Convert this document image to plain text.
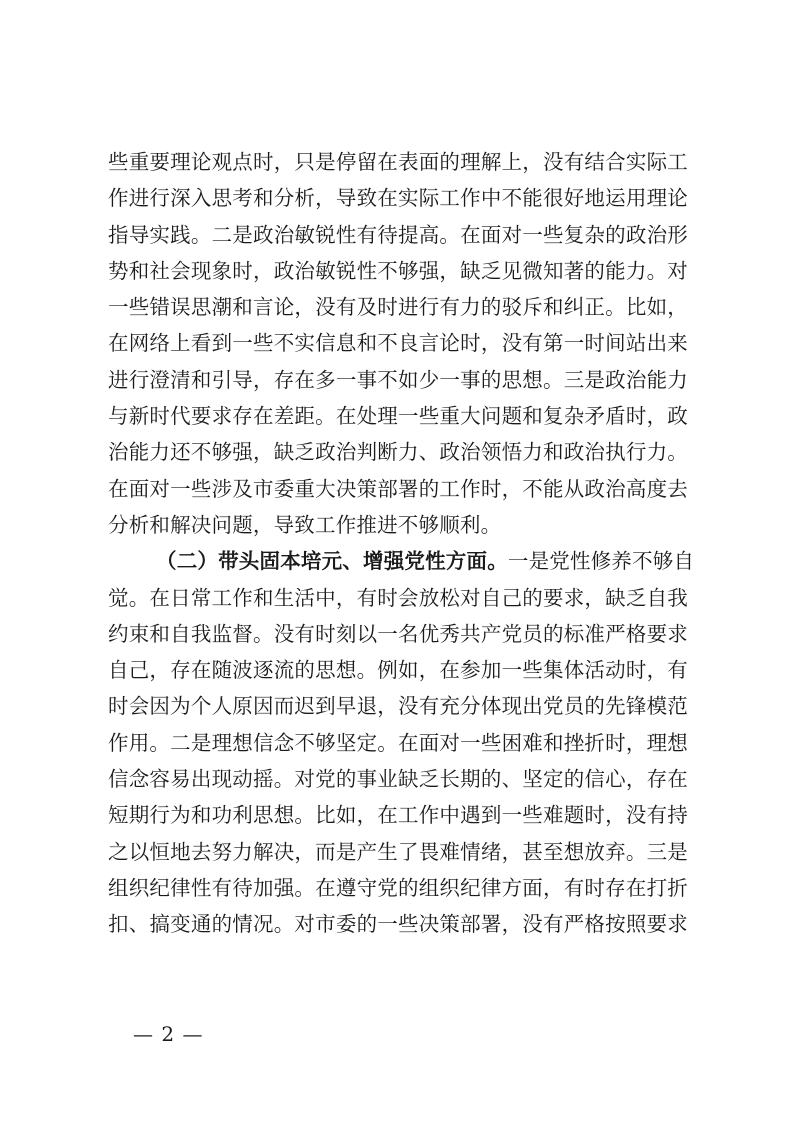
些重要理论观点时，只是停留在表面的理解上，没有结合实际工
作进行深入思考和分析，导致在实际工作中不能很好地运用理论
指导实践。二是政治敏锐性有待提高。在面对一些复杂的政治形
势和社会现象时，政治敏锐性不够强，缺乏见微知著的能力。对
一些错误思潮和言论，没有及时进行有力的驳斥和纠正。比如，
在网络上看到一些不实信息和不良言论时，没有第一时间站出来
进行澄清和引导，存在多一事不如少一事的思想。三是政治能力
与新时代要求存在差距。在处理一些重大问题和复杂矛盾时，政
治能力还不够强，缺乏政治判断力、政治领悟力和政治执行力。
在面对一些涉及市委重大决策部署的工作时，不能从政治高度去
分析和解决问题，导致工作推进不够顺利。
（二）带头固本培元、增强党性方面。一是党性修养不够自
觉。在日常工作和生活中，有时会放松对自己的要求，缺乏自我
约束和自我监督。没有时刻以一名优秀共产党员的标准严格要求
自己，存在随波逐流的思想。例如，在参加一些集体活动时，有
时会因为个人原因而迟到早退，没有充分体现出党员的先锋模范
作用。二是理想信念不够坚定。在面对一些困难和挫折时，理想
信念容易出现动摇。对党的事业缺乏长期的、坚定的信心，存在
短期行为和功利思想。比如，在工作中遇到一些难题时，没有持
之以恒地去努力解决，而是产生了畏难情绪，甚至想放弃。三是
组织纪律性有待加强。在遵守党的组织纪律方面，有时存在打折
扣、搞变通的情况。对市委的一些决策部署，没有严格按照要求
— 2 —
